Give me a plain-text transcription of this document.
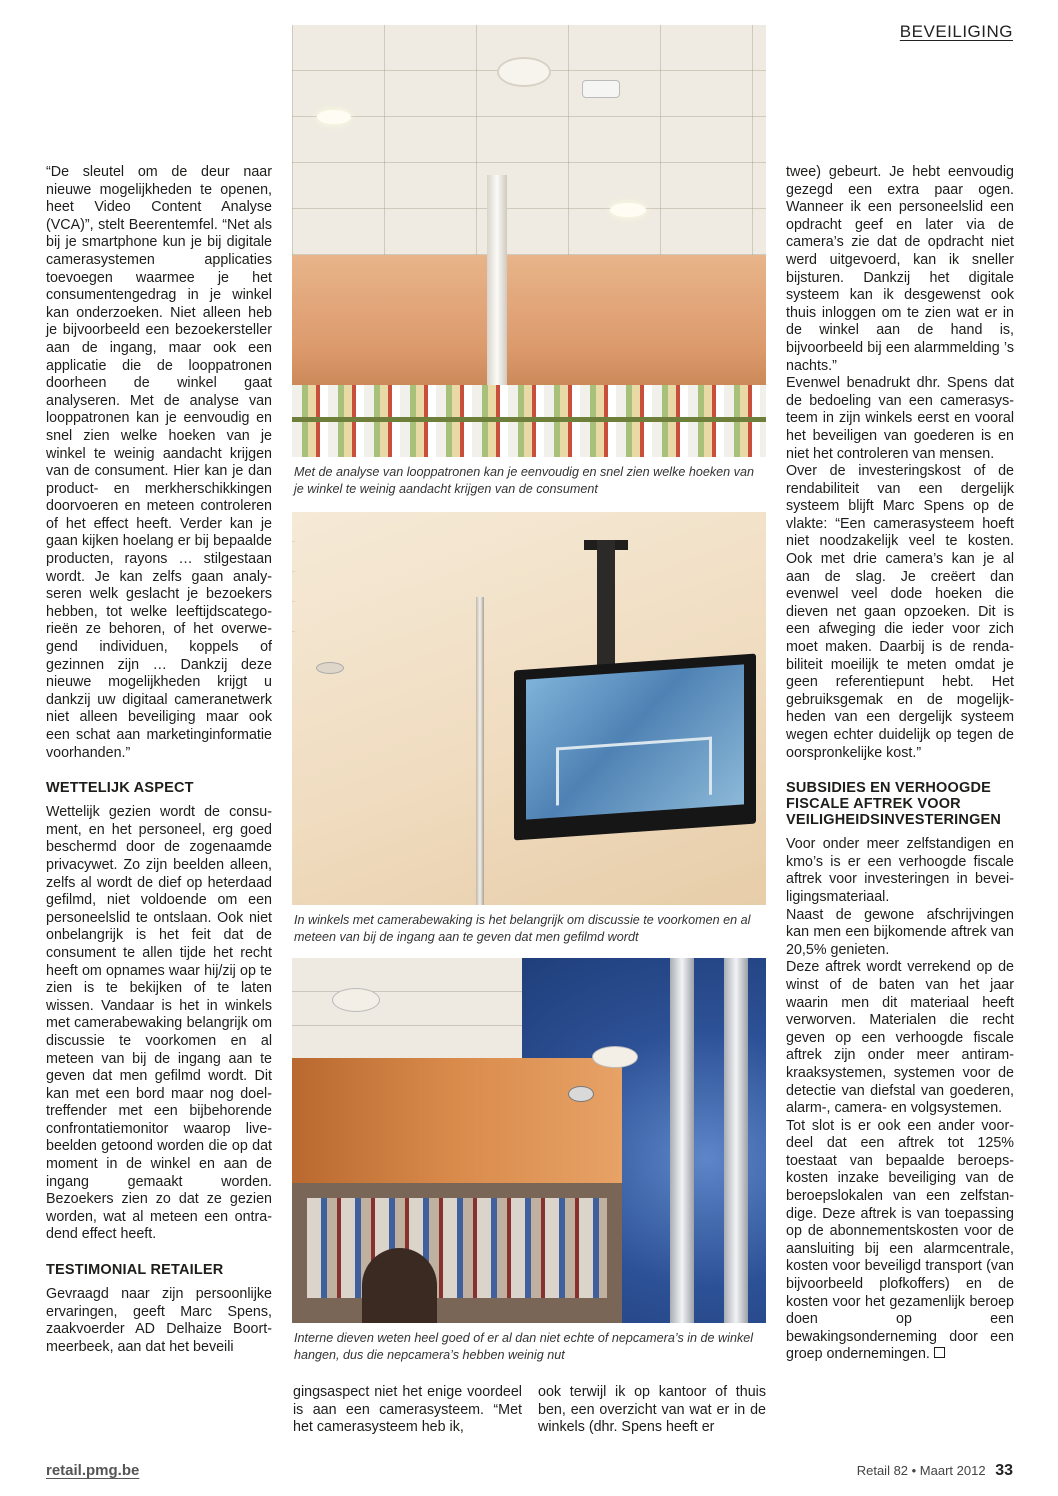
BEVEILIGING

“De sleutel om de deur naar nieuwe mogelijkheden te openen, heet Video Content Analyse (VCA)”, stelt Beerentemfel. “Net als bij je smartphone kun je bij digitale camerasystemen applicaties toevoegen waarmee je het consumentengedrag in je winkel kan onderzoeken. Niet alleen heb je bijvoorbeeld een bezoekersteller aan de ingang, maar ook een applicatie die de looppatronen doorheen de winkel gaat analyseren. Met de analyse van looppatronen kan je eenvoudig en snel zien welke hoeken van je winkel te weinig aandacht krijgen van de consument. Hier kan je dan product- en merkherschikkingen doorvoeren en meteen controleren of het effect heeft. Verder kan je gaan kijken hoelang er bij bepaalde producten, rayons … stilgestaan wordt. Je kan zelfs gaan analyseren welk geslacht je bezoekers hebben, tot welke leeftijdscategorieën ze behoren, of het overwegend individuen, koppels of gezinnen zijn … Dankzij deze nieuwe mogelijkheden krijgt u dankzij uw digitaal cameranetwerk niet alleen beveiliging maar ook een schat aan marketinginformatie voorhanden.”

WETTELIJK ASPECT

Wettelijk gezien wordt de consument, en het personeel, erg goed beschermd door de zogenaamde privacywet. Zo zijn beelden alleen, zelfs al wordt de dief op heterdaad gefilmd, niet voldoende om een personeelslid te ontslaan. Ook niet onbelangrijk is het feit dat de consument te allen tijde het recht heeft om opnames waar hij/zij op te zien is te bekijken of te laten wissen. Vandaar is het in winkels met camerabewaking belangrijk om discussie te voorkomen en al meteen van bij de ingang aan te geven dat men gefilmd wordt. Dit kan met een bord maar nog doeltreffender met een bijbehorende confrontatiemonitor waarop livebeelden getoond worden die op dat moment in de winkel en aan de ingang gemaakt worden. Bezoekers zien zo dat ze gezien worden, wat al meteen een ontradend effect heeft.

TESTIMONIAL RETAILER

Gevraagd naar zijn persoonlijke ervaringen, geeft Marc Spens, zaakvoerder AD Delhaize Boortmeerbeek, aan dat het beveili

Met de analyse van looppatronen kan je eenvoudig en snel zien welke hoeken van je winkel te weinig aandacht krijgen van de consument
In winkels met camerabewaking is het belangrijk om discussie te voorkomen en al meteen van bij de ingang aan te geven dat men gefilmd wordt
Interne dieven weten heel goed of er al dan niet echte of nepcamera’s in de winkel hangen, dus die nepcamera’s hebben weinig nut

gingsaspect niet het enige voordeel is aan een camerasysteem. “Met het camerasysteem heb ik,

ook terwijl ik op kantoor of thuis ben, een overzicht van wat er in de winkels (dhr. Spens heeft er

twee) gebeurt. Je hebt eenvoudig gezegd een extra paar ogen. Wanneer ik een personeelslid een opdracht geef en later via de camera’s zie dat de opdracht niet werd uitgevoerd, kan ik sneller bijsturen. Dankzij het digitale systeem kan ik desgewenst ook thuis inloggen om te zien wat er in de winkel aan de hand is, bijvoorbeeld bij een alarmmelding ’s nachts.”

Evenwel benadrukt dhr. Spens dat de bedoeling van een camerasysteem in zijn winkels eerst en vooral het beveiligen van goederen is en niet het controleren van mensen.

Over de investeringskost of de rendabiliteit van een dergelijk systeem blijft Marc Spens op de vlakte: “Een camerasysteem hoeft niet noodzakelijk veel te kosten. Ook met drie camera’s kan je al aan de slag. Je creëert dan evenwel veel dode hoeken die dieven net gaan opzoeken. Dit is een afweging die ieder voor zich moet maken. Daarbij is de rendabiliteit moeilijk te meten omdat je geen referentiepunt hebt. Het gebruiksgemak en de mogelijkheden van een dergelijk systeem wegen echter duidelijk op tegen de oorspronkelijke kost.”

SUBSIDIES EN VERHOOGDE FISCALE AFTREK VOOR VEILIGHEIDSINVESTERINGEN

Voor onder meer zelfstandigen en kmo’s is er een verhoogde fiscale aftrek voor investeringen in beveiligingsmateriaal.

Naast de gewone afschrijvingen kan men een bijkomende aftrek van 20,5% genieten.

Deze aftrek wordt verrekend op de winst of de baten van het jaar waarin men dit materiaal heeft verworven. Materialen die recht geven op een verhoogde fiscale aftrek zijn onder meer antiramkraaksystemen, systemen voor de detectie van diefstal van goederen, alarm-, camera- en volgsystemen.

Tot slot is er ook een ander voordeel dat een aftrek tot 125% toestaat van bepaalde beroepskosten inzake beveiliging van de beroepslokalen van een zelfstandige. Deze aftrek is van toepassing op de abonnementskosten voor de aansluiting bij een alarmcentrale, kosten voor beveiligd transport (van bijvoorbeeld plofkoffers) en de kosten voor het gezamenlijk beroep doen op een bewakingsonderneming door een groep ondernemingen.

retail.pmg.be	Retail 82 • Maart 2012 33
